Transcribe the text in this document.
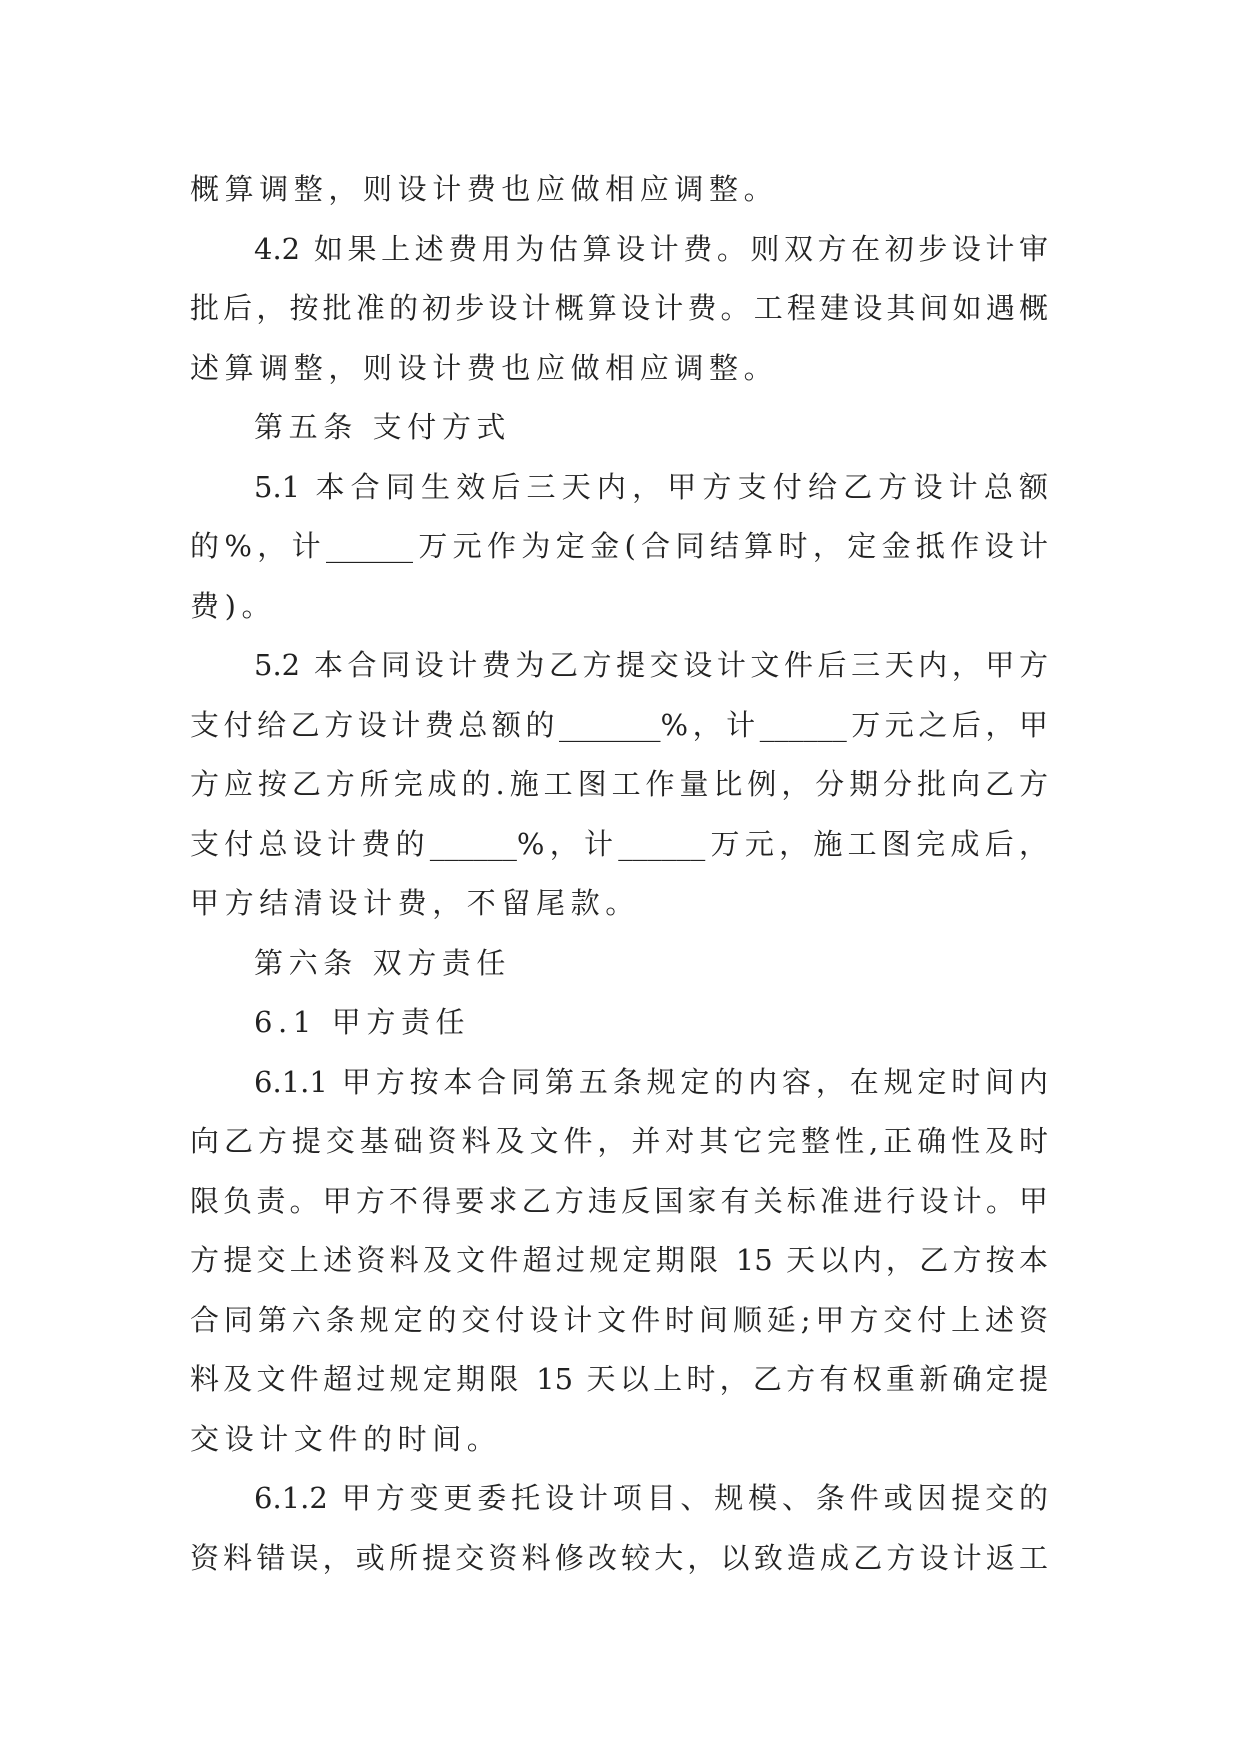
概算调整，则设计费也应做相应调整。
4.2 如果上述费用为估算设计费。则双方在初步设计审
批后，按批准的初步设计概算设计费。工程建设其间如遇概
述算调整，则设计费也应做相应调整。
第五条 支付方式
5.1 本合同生效后三天内，甲方支付给乙方设计总额
的%，计______万元作为定金(合同结算时，定金抵作设计
费)。
5.2 本合同设计费为乙方提交设计文件后三天内，甲方
支付给乙方设计费总额的_______%，计______万元之后，甲
方应按乙方所完成的.施工图工作量比例，分期分批向乙方
支付总设计费的______%，计______万元，施工图完成后，
甲方结清设计费，不留尾款。
第六条 双方责任
6.1 甲方责任
6.1.1 甲方按本合同第五条规定的内容，在规定时间内
向乙方提交基础资料及文件，并对其它完整性,正确性及时
限负责。甲方不得要求乙方违反国家有关标准进行设计。甲
方提交上述资料及文件超过规定期限 15 天以内，乙方按本
合同第六条规定的交付设计文件时间顺延;甲方交付上述资
料及文件超过规定期限 15 天以上时，乙方有权重新确定提
交设计文件的时间。
6.1.2 甲方变更委托设计项目、规模、条件或因提交的
资料错误，或所提交资料修改较大，以致造成乙方设计返工
